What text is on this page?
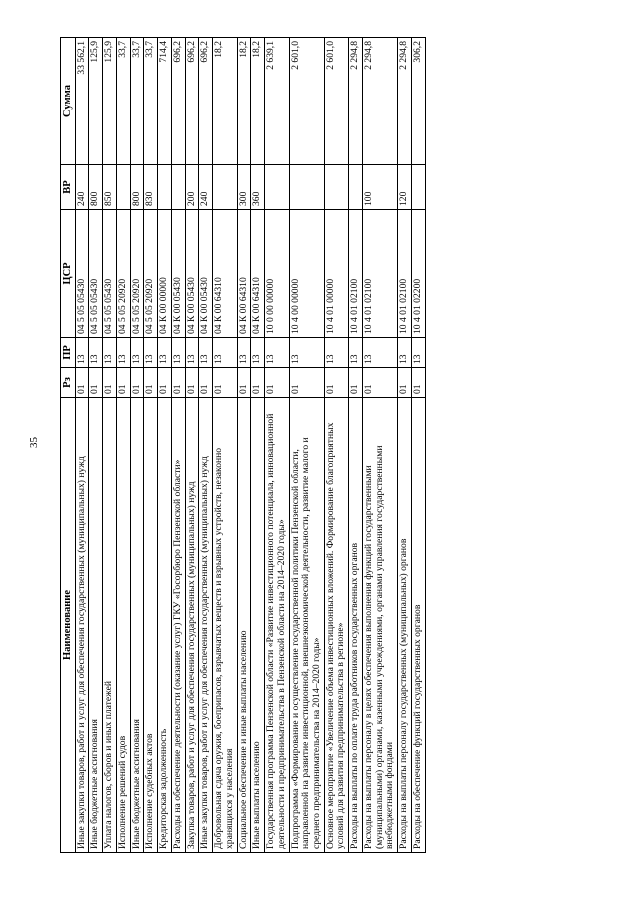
35
Наименование	Рз	ПР	ЦСР	ВР	Сумма
Иные закупки товаров, работ и услуг для обеспечения государственных (муниципальных) нужд	01	13	04 5 05 05430	240	33 562,1
Иные бюджетные ассигнования	01	13	04 5 05 05430	800	125,9
Уплата налогов, сборов и иных платежей	01	13	04 5 05 05430	850	125,9
Исполнение решений судов	01	13	04 5 05 20920		33,7
Иные бюджетные ассигнования	01	13	04 5 05 20920	800	33,7
Исполнение судебных актов	01	13	04 5 05 20920	830	33,7
Кредиторская задолженность	01	13	04 К 00 00000		714,4
Расходы на обеспечение деятельности (оказание услуг) ГКУ «Госорбюро Пензенской области»	01	13	04 К 00 05430		696,2
Закупка товаров, работ и услуг для обеспечения государственных (муниципальных) нужд	01	13	04 К 00 05430	200	696,2
Иные закупки товаров, работ и услуг для обеспечения государственных (муниципальных) нужд	01	13	04 К 00 05430	240	696,2
Добровольная сдача оружия, боеприпасов, взрывчатых веществ и взрывных устройств, незаконно хранящихся у населения	01	13	04 К 00 64310		18,2
Социальное обеспечение и иные выплаты населению	01	13	04 К 00 64310	300	18,2
Иные выплаты населению	01	13	04 К 00 64310	360	18,2
Государственная программа Пензенской области «Развитие инвестиционного потенциала, инновационной деятельности и предпринимательства в Пензенской области на 2014–2020 годы»	01	13	10 0 00 00000		2 639,1
Подпрограмма «Формирование и осуществление государственной политики Пензенской области, направленной на развитие инвестиционной, внешнеэкономической деятельности, развитие малого и среднего предпринимательства на 2014–2020 годы»	01	13	10 4 00 00000		2 601,0
Основное мероприятие «Увеличение объема инвестиционных вложений. Формирование благоприятных условий для развития предпринимательства в регионе»	01	13	10 4 01 00000		2 601,0
Расходы на выплаты по оплате труда работников государственных органов	01	13	10 4 01 02100		2 294,8
Расходы на выплаты персоналу в целях обеспечения выполнения функций государственными (муниципальными) органами, казенными учреждениями, органами управления государственными внебюджетными фондами	01	13	10 4 01 02100	100	2 294,8
Расходы на выплаты персоналу государственных (муниципальных) органов	01	13	10 4 01 02100	120	2 294,8
Расходы на обеспечение функций государственных органов	01	13	10 4 01 02200		306,2
